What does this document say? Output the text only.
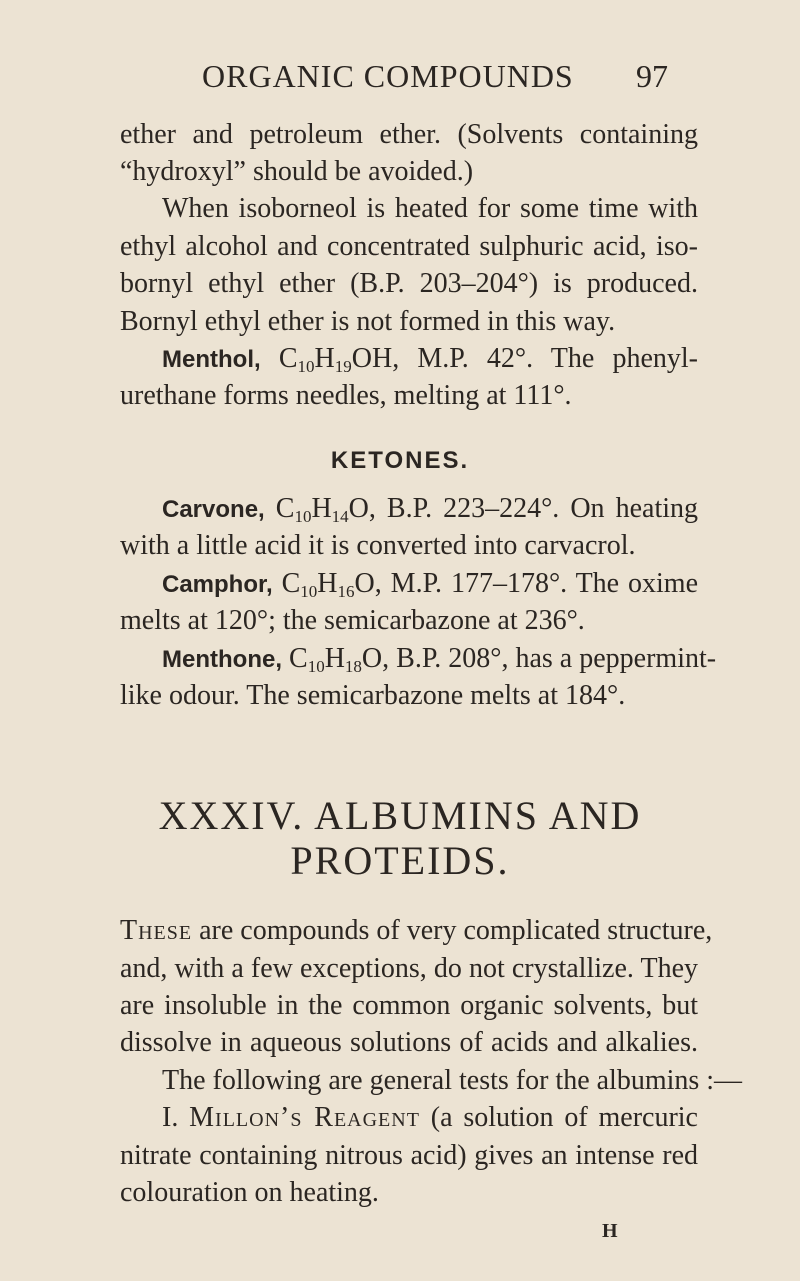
ORGANIC COMPOUNDS 97
ether and petroleum ether. (Solvents containing
“hydroxyl” should be avoided.)
When isoborneol is heated for some time with
ethyl alcohol and concentrated sulphuric acid, iso-
bornyl ethyl ether (B.P. 203–204°) is produced.
Bornyl ethyl ether is not formed in this way.
Menthol, $C_{10}H_{19}OH$, M.P. 42°. The phenyl-
urethane forms needles, melting at 111°.
KETONES.
Carvone, $C_{10}H_{14}O$, B.P. 223–224°. On heating
with a little acid it is converted into carvacrol.
Camphor, $C_{10}H_{16}O$, M.P. 177–178°. The oxime
melts at 120°; the semicarbazone at 236°.
Menthone, $C_{10}H_{18}O$, B.P. 208°, has a peppermint-
like odour. The semicarbazone melts at 184°.
XXXIV. ALBUMINS AND
PROTEIDS.
These are compounds of very complicated structure,
and, with a few exceptions, do not crystallize. They
are insoluble in the common organic solvents, but
dissolve in aqueous solutions of acids and alkalies.
The following are general tests for the albumins :—
I. Millon’s Reagent (a solution of mercuric
nitrate containing nitrous acid) gives an intense red
colouration on heating.
H
